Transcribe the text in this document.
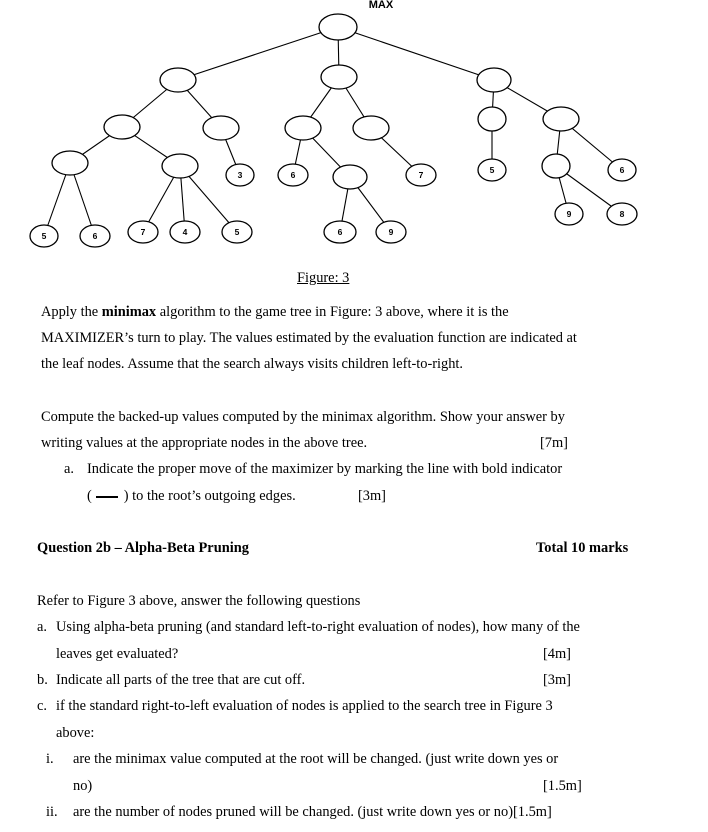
5	6	7	4	5
3	6
6	9
7	5
9	8
6
MAX
Figure: 3
Apply the minimax algorithm to the game tree in Figure: 3 above, where it is the
MAXIMIZER’s turn to play. The values estimated by the evaluation function are indicated at
the leaf nodes. Assume that the search always visits children left-to-right.
Compute the backed-up values computed by the minimax algorithm. Show your answer by
writing values at the appropriate nodes in the above tree.	[7m]
a. Indicate the proper move of the maximizer by marking the line with bold indicator
( ) to the root’s outgoing edges.	[3m]
Question 2b – Alpha-Beta Pruning	Total 10 marks
Refer to Figure 3 above, answer the following questions
a. Using alpha-beta pruning (and standard left-to-right evaluation of nodes), how many of the
leaves get evaluated?	[4m]
b. Indicate all parts of the tree that are cut off.	[3m]
c. if the standard right-to-left evaluation of nodes is applied to the search tree in Figure 3
above:
i. are the minimax value computed at the root will be changed. (just write down yes or
no)	[1.5m]
ii. are the number of nodes pruned will be changed. (just write down yes or no)[1.5m]
